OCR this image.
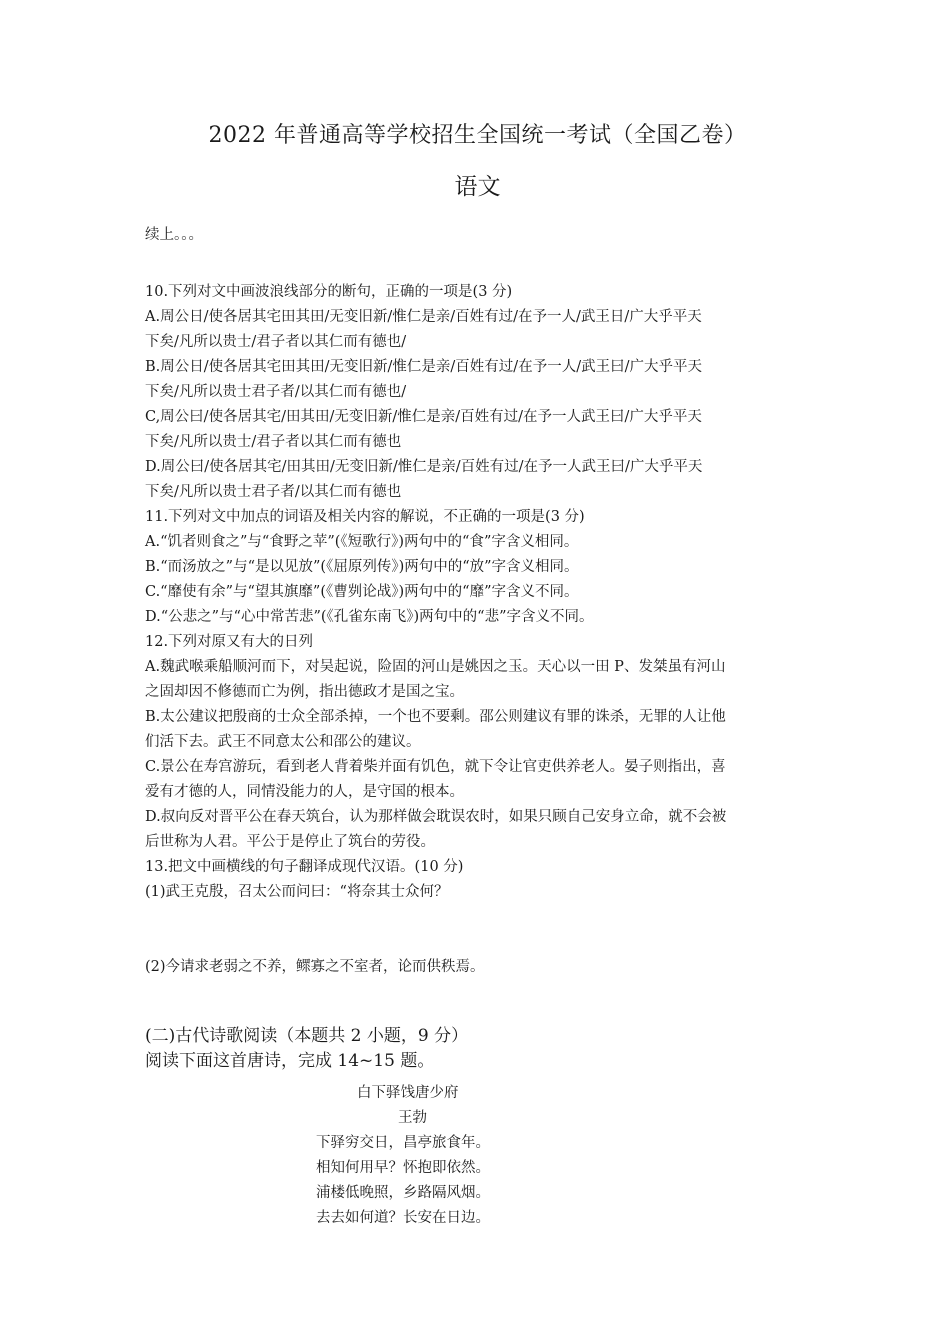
2022 年普通高等学校招生全国统一考试（全国乙卷）
语文
续上。。。
10.下列对文中画波浪线部分的断句，正确的一项是(3 分)
A.周公日/使各居其宅田其田/无变旧新/惟仁是亲/百姓有过/在予一人/武王日/广大乎平天
下矣/凡所以贵士/君子者以其仁而有德也/
B.周公日/使各居其宅田其田/无变旧新/惟仁是亲/百姓有过/在予一人/武王曰/广大乎平天
下矣/凡所以贵士君子者/以其仁而有德也/
C,周公曰/使各居其宅/田其田/无变旧新/惟仁是亲/百姓有过/在予一人武王曰/广大乎平天
下矣/凡所以贵士/君子者以其仁而有德也
D.周公曰/使各居其宅/田其田/无变旧新/惟仁是亲/百姓有过/在予一人武王曰/广大乎平天
下矣/凡所以贵士君子者/以其仁而有德也
11.下列对文中加点的词语及相关内容的解说，不正确的一项是(3 分)
A.“饥者则食之”与“食野之苹”(《短歌行》)两句中的“食”字含义相同。
B.“而汤放之”与“是以见放”(《屈原列传》)两句中的“放”字含义相同。
C.“靡使有余”与“望其旗靡”(《曹刿论战》)两句中的“靡”字含义不同。
D.“公悲之”与“心中常苦悲”(《孔雀东南飞》)两句中的“悲”字含义不同。
12.下列对原又有大的日列
A.魏武喉乘船顺河而下，对吴起说，险固的河山是姚因之玉。天心以一田 P、发桀虽有河山
之固却因不修德而亡为例，指出德政才是国之宝。
B.太公建议把殷商的士众全部杀掉，一个也不要剩。邵公则建议有罪的诛杀，无罪的人让他
们活下去。武王不同意太公和邵公的建议。
C.景公在寿宫游玩，看到老人背着柴并面有饥色，就下令让官吏供养老人。晏子则指出，喜
爱有才德的人，同情没能力的人，是守国的根本。
D.叔向反对晋平公在春天筑台，认为那样做会耽误农时，如果只顾自己安身立命，就不会被
后世称为人君。平公于是停止了筑台的劳役。
13.把文中画横线的句子翻译成现代汉语。(10 分)
(1)武王克殷，召太公而问曰：“将奈其士众何？
(2)今请求老弱之不养，鳏寡之不室者，论而供秩焉。
(二)古代诗歌阅读（本题共 2 小题，9 分）
阅读下面这首唐诗，完成 14~15 题。
白下驿饯唐少府
王勃
下驿穷交日，昌亭旅食年。
相知何用早？怀抱即依然。
浦楼低晚照，乡路隔风烟。
去去如何道？长安在日边。
